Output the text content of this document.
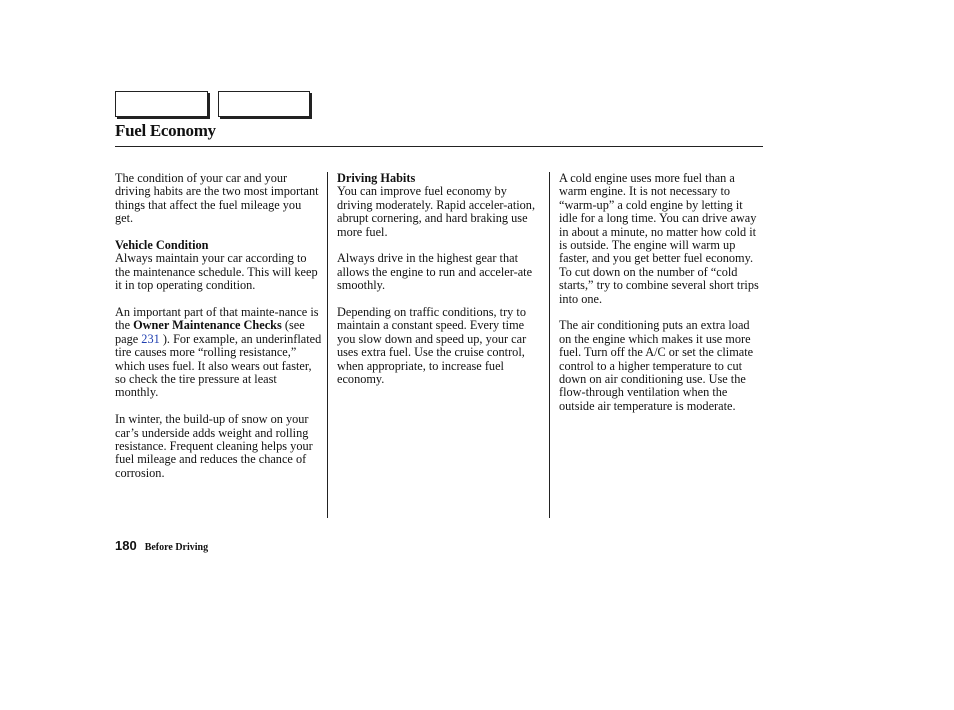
Fuel Economy

The condition of your car and your driving habits are the two most important things that affect the fuel mileage you get.

Vehicle Condition

Always maintain your car according to the maintenance schedule. This will keep it in top operating condition.

An important part of that mainte-nance is the Owner Maintenance Checks (see page 231 ). For example, an underinflated tire causes more “rolling resistance,” which uses fuel. It also wears out faster, so check the tire pressure at least monthly.

In winter, the build-up of snow on your car’s underside adds weight and rolling resistance. Frequent cleaning helps your fuel mileage and reduces the chance of corrosion.

Driving Habits

You can improve fuel economy by driving moderately. Rapid acceler-ation, abrupt cornering, and hard braking use more fuel.

Always drive in the highest gear that allows the engine to run and acceler-ate smoothly.

Depending on traffic conditions, try to maintain a constant speed. Every time you slow down and speed up, your car uses extra fuel. Use the cruise control, when appropriate, to increase fuel economy.

A cold engine uses more fuel than a warm engine. It is not necessary to “warm-up” a cold engine by letting it idle for a long time. You can drive away in about a minute, no matter how cold it is outside. The engine will warm up faster, and you get better fuel economy. To cut down on the number of “cold starts,” try to combine several short trips into one.

The air conditioning puts an extra load on the engine which makes it use more fuel. Turn off the A/C or set the climate control to a higher temperature to cut down on air conditioning use. Use the flow-through ventilation when the outside air temperature is moderate.

180 Before Driving
